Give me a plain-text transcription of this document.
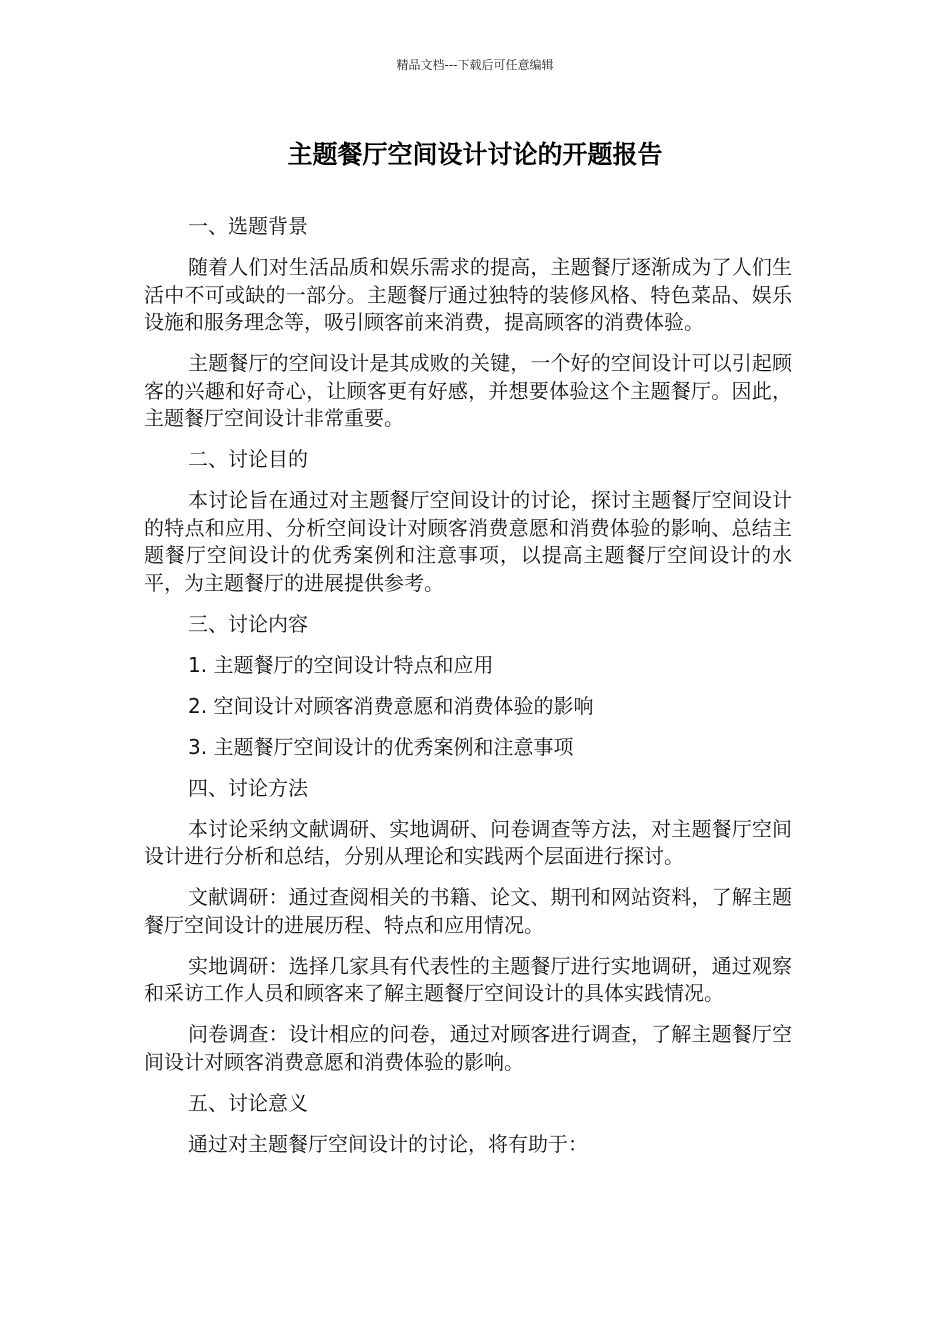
精品文档---下载后可任意编辑
主题餐厅空间设计讨论的开题报告

一、选题背景

随着人们对生活品质和娱乐需求的提高，主题餐厅逐渐成为了人们生活中不可或缺的一部分。主题餐厅通过独特的装修风格、特色菜品、娱乐设施和服务理念等，吸引顾客前来消费，提高顾客的消费体验。

主题餐厅的空间设计是其成败的关键，一个好的空间设计可以引起顾客的兴趣和好奇心，让顾客更有好感，并想要体验这个主题餐厅。因此，主题餐厅空间设计非常重要。

二、讨论目的

本讨论旨在通过对主题餐厅空间设计的讨论，探讨主题餐厅空间设计的特点和应用、分析空间设计对顾客消费意愿和消费体验的影响、总结主题餐厅空间设计的优秀案例和注意事项，以提高主题餐厅空间设计的水平，为主题餐厅的进展提供参考。

三、讨论内容

1. 主题餐厅的空间设计特点和应用

2. 空间设计对顾客消费意愿和消费体验的影响

3. 主题餐厅空间设计的优秀案例和注意事项

四、讨论方法

本讨论采纳文献调研、实地调研、问卷调查等方法，对主题餐厅空间设计进行分析和总结，分别从理论和实践两个层面进行探讨。

文献调研：通过查阅相关的书籍、论文、期刊和网站资料，了解主题餐厅空间设计的进展历程、特点和应用情况。

实地调研：选择几家具有代表性的主题餐厅进行实地调研，通过观察和采访工作人员和顾客来了解主题餐厅空间设计的具体实践情况。

问卷调查：设计相应的问卷，通过对顾客进行调查，了解主题餐厅空间设计对顾客消费意愿和消费体验的影响。

五、讨论意义

通过对主题餐厅空间设计的讨论，将有助于：
